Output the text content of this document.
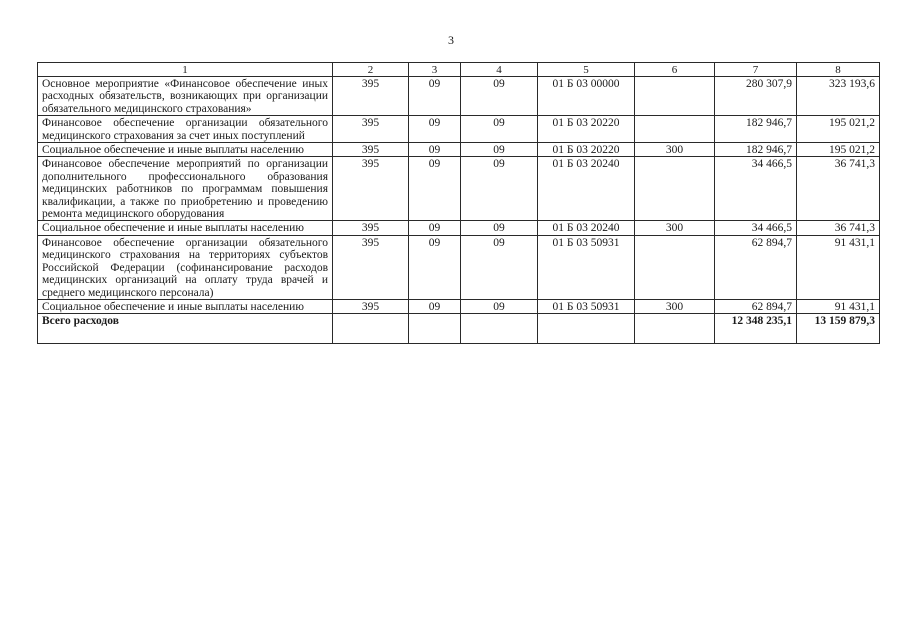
3
1	2	3	4	5	6	7	8
Основное мероприятие «Финансовое обеспечение иных расходных обязательств, возникающих при организации обязательного медицинского страхования»	395	09	09	01 Б 03 00000		280 307,9	323 193,6
Финансовое обеспечение организации обязательного медицинского страхования за счет иных поступлений	395	09	09	01 Б 03 20220		182 946,7	195 021,2
Социальное обеспечение и иные выплаты населению	395	09	09	01 Б 03 20220	300	182 946,7	195 021,2
Финансовое обеспечение мероприятий по организации дополнительного профессионального образования медицинских работников по программам повышения квалификации, а также по приобретению и проведению ремонта медицинского оборудования	395	09	09	01 Б 03 20240		34 466,5	36 741,3
Социальное обеспечение и иные выплаты населению	395	09	09	01 Б 03 20240	300	34 466,5	36 741,3
Финансовое обеспечение организации обязательного медицинского страхования на территориях субъектов Российской Федерации (софинансирование расходов медицинских организаций на оплату труда врачей и среднего медицинского персонала)	395	09	09	01 Б 03 50931		62 894,7	91 431,1
Социальное обеспечение и иные выплаты населению	395	09	09	01 Б 03 50931	300	62 894,7	91 431,1
Всего расходов						12 348 235,1	13 159 879,3
